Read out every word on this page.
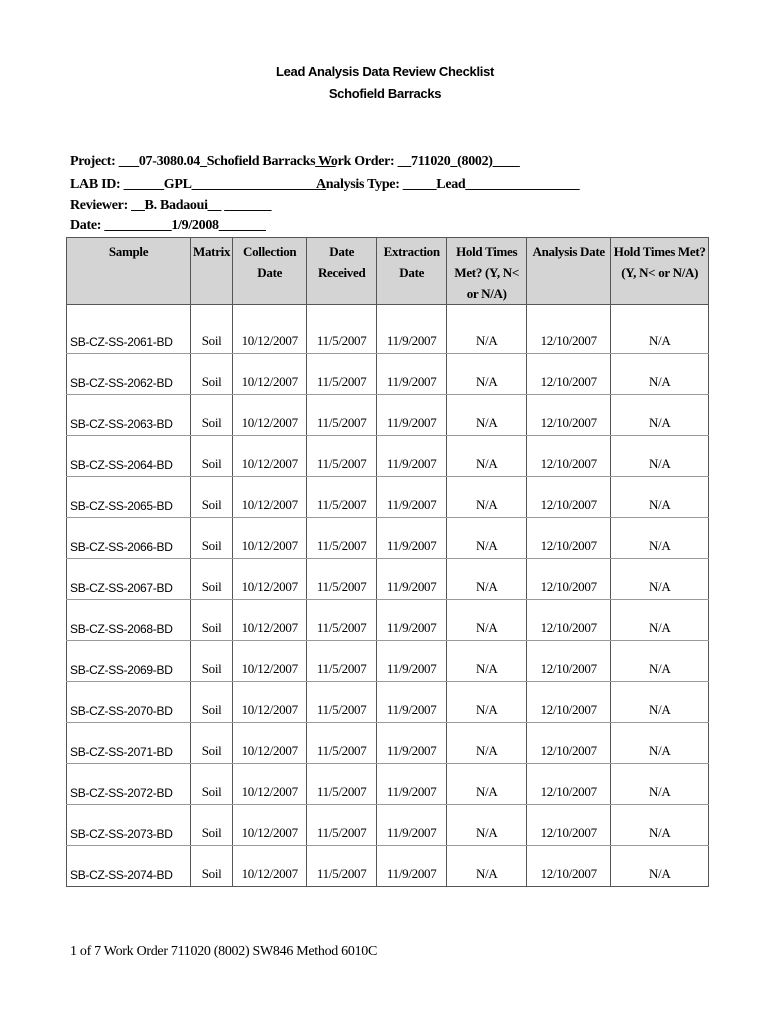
Lead Analysis Data Review Checklist
Schofield Barracks
Project: ___07-3080.04_Schofield Barracks___
Work Order: __711020_(8002)____
LAB ID: ______GPL____________________
Analysis Type: _____Lead_________________
Reviewer: __B. Badaoui__ _______
Date: __________1/9/2008_______
Sample	Matrix	Collection Date	Date Received	Extraction Date	Hold Times Met? (Y, N< or N/A)	Analysis Date	Hold Times Met? (Y, N< or N/A)
SB-CZ-SS-2061-BD	Soil	10/12/2007	11/5/2007	11/9/2007	N/A	12/10/2007	N/A
SB-CZ-SS-2062-BD	Soil	10/12/2007	11/5/2007	11/9/2007	N/A	12/10/2007	N/A
SB-CZ-SS-2063-BD	Soil	10/12/2007	11/5/2007	11/9/2007	N/A	12/10/2007	N/A
SB-CZ-SS-2064-BD	Soil	10/12/2007	11/5/2007	11/9/2007	N/A	12/10/2007	N/A
SB-CZ-SS-2065-BD	Soil	10/12/2007	11/5/2007	11/9/2007	N/A	12/10/2007	N/A
SB-CZ-SS-2066-BD	Soil	10/12/2007	11/5/2007	11/9/2007	N/A	12/10/2007	N/A
SB-CZ-SS-2067-BD	Soil	10/12/2007	11/5/2007	11/9/2007	N/A	12/10/2007	N/A
SB-CZ-SS-2068-BD	Soil	10/12/2007	11/5/2007	11/9/2007	N/A	12/10/2007	N/A
SB-CZ-SS-2069-BD	Soil	10/12/2007	11/5/2007	11/9/2007	N/A	12/10/2007	N/A
SB-CZ-SS-2070-BD	Soil	10/12/2007	11/5/2007	11/9/2007	N/A	12/10/2007	N/A
SB-CZ-SS-2071-BD	Soil	10/12/2007	11/5/2007	11/9/2007	N/A	12/10/2007	N/A
SB-CZ-SS-2072-BD	Soil	10/12/2007	11/5/2007	11/9/2007	N/A	12/10/2007	N/A
SB-CZ-SS-2073-BD	Soil	10/12/2007	11/5/2007	11/9/2007	N/A	12/10/2007	N/A
SB-CZ-SS-2074-BD	Soil	10/12/2007	11/5/2007	11/9/2007	N/A	12/10/2007	N/A
1 of 7 Work Order 711020 (8002) SW846 Method 6010C
